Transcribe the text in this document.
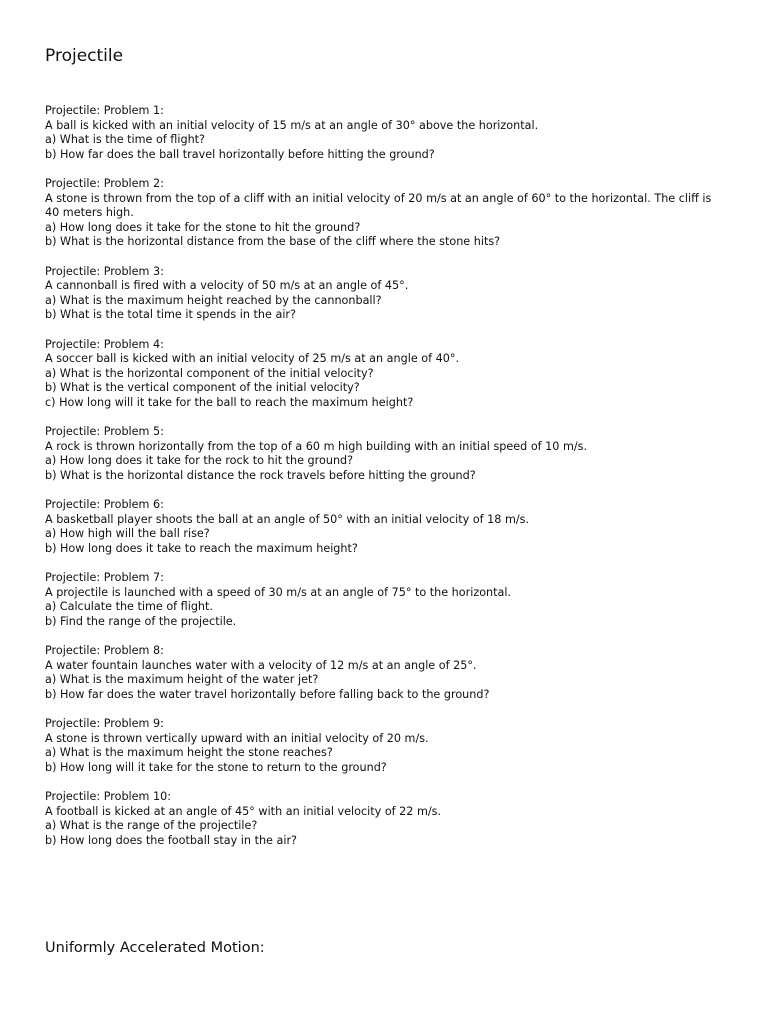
Projectile
Projectile: Problem 1:
A ball is kicked with an initial velocity of 15 m/s at an angle of 30° above the horizontal.
a) What is the time of flight?
b) How far does the ball travel horizontally before hitting the ground?
Projectile: Problem 2:
A stone is thrown from the top of a cliff with an initial velocity of 20 m/s at an angle of 60° to the horizontal. The cliff is 40 meters high.
a) How long does it take for the stone to hit the ground?
b) What is the horizontal distance from the base of the cliff where the stone hits?
Projectile: Problem 3:
A cannonball is fired with a velocity of 50 m/s at an angle of 45°.
a) What is the maximum height reached by the cannonball?
b) What is the total time it spends in the air?
Projectile: Problem 4:
A soccer ball is kicked with an initial velocity of 25 m/s at an angle of 40°.
a) What is the horizontal component of the initial velocity?
b) What is the vertical component of the initial velocity?
c) How long will it take for the ball to reach the maximum height?
Projectile: Problem 5:
A rock is thrown horizontally from the top of a 60 m high building with an initial speed of 10 m/s.
a) How long does it take for the rock to hit the ground?
b) What is the horizontal distance the rock travels before hitting the ground?
Projectile: Problem 6:
A basketball player shoots the ball at an angle of 50° with an initial velocity of 18 m/s.
a) How high will the ball rise?
b) How long does it take to reach the maximum height?
Projectile: Problem 7:
A projectile is launched with a speed of 30 m/s at an angle of 75° to the horizontal.
a) Calculate the time of flight.
b) Find the range of the projectile.
Projectile: Problem 8:
A water fountain launches water with a velocity of 12 m/s at an angle of 25°.
a) What is the maximum height of the water jet?
b) How far does the water travel horizontally before falling back to the ground?
Projectile: Problem 9:
A stone is thrown vertically upward with an initial velocity of 20 m/s.
a) What is the maximum height the stone reaches?
b) How long will it take for the stone to return to the ground?
Projectile: Problem 10:
A football is kicked at an angle of 45° with an initial velocity of 22 m/s.
a) What is the range of the projectile?
b) How long does the football stay in the air?
Uniformly Accelerated Motion:
